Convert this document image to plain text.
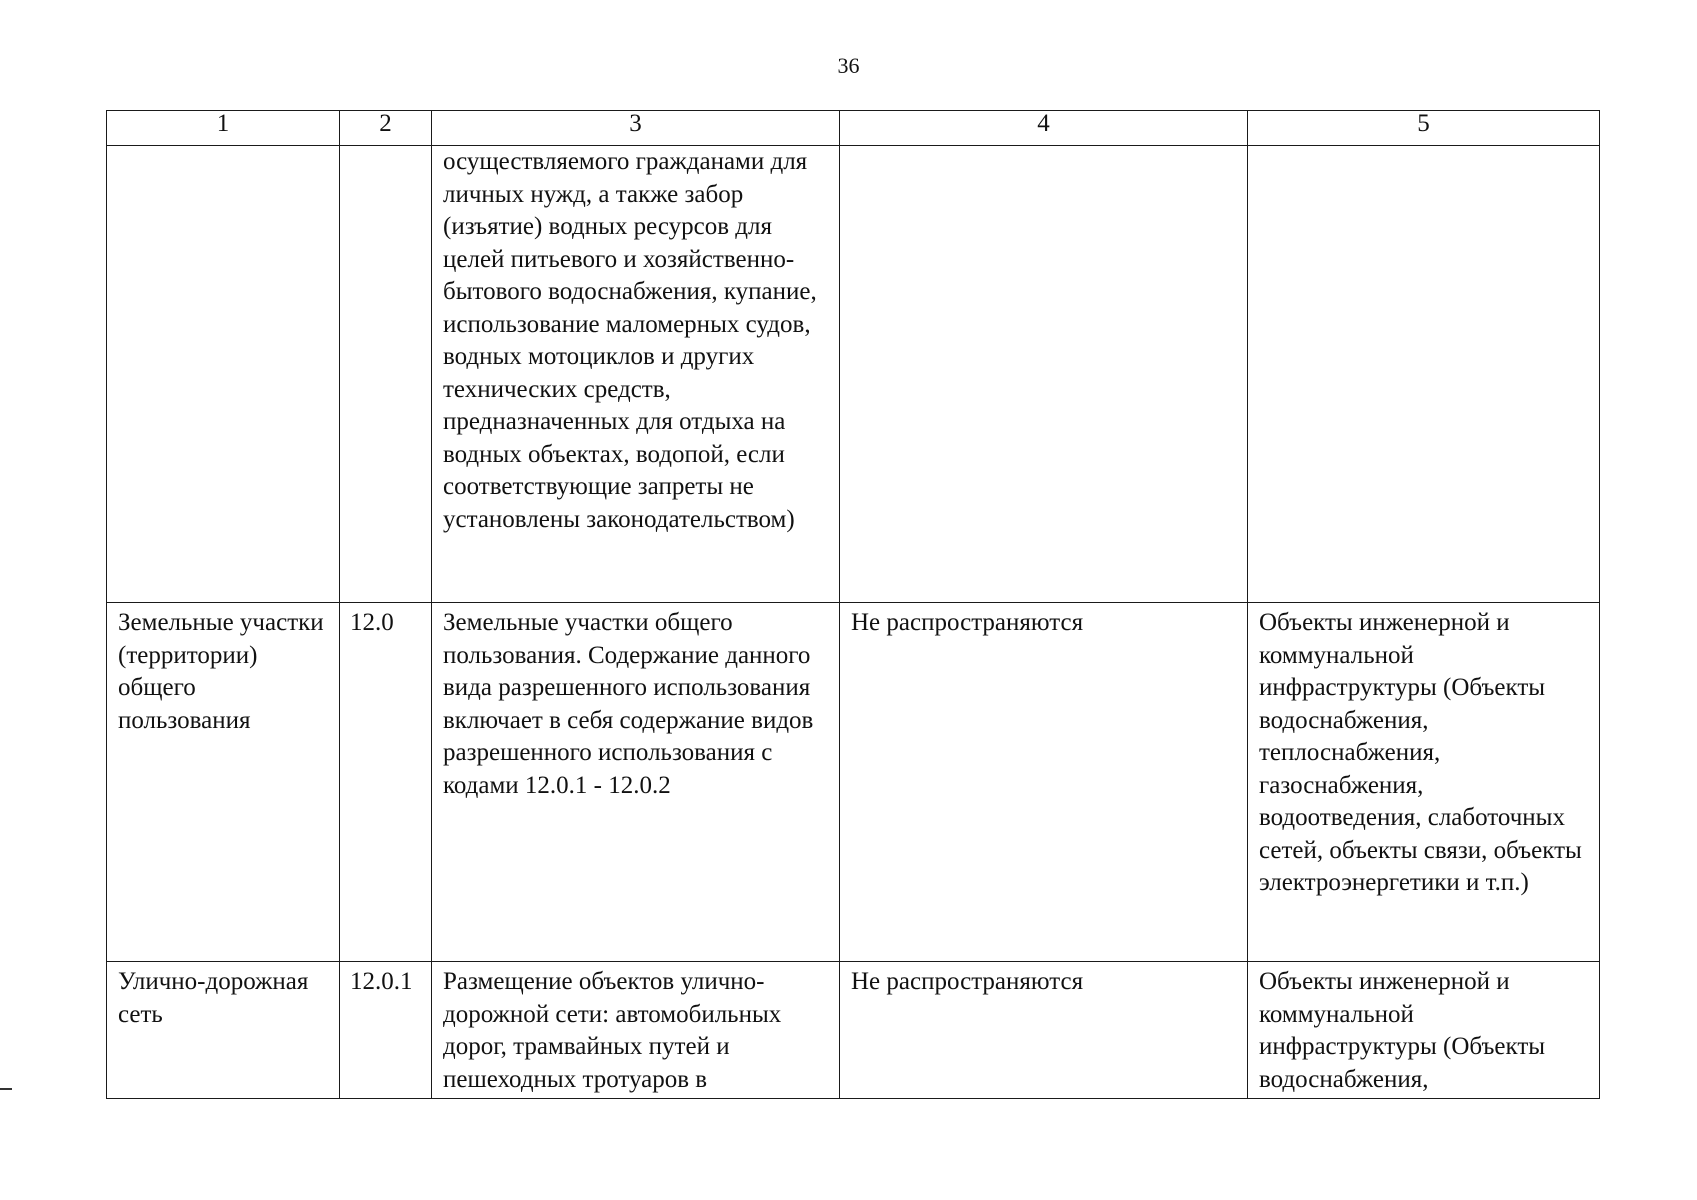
36
1	2	3	4	5

		осуществляемого гражданами для личных нужд, а также забор (изъятие) водных ресурсов для целей питьевого и хозяйственно-бытового водоснабжения, купание, использование маломерных судов, водных мотоциклов и других технических средств, предназначенных для отдыха на водных объектах, водопой, если соответствующие запреты не установлены законодательством)		

Земельные участки (территории) общего пользования	12.0	Земельные участки общего пользования. Содержание данного вида разрешенного использования включает в себя содержание видов разрешенного использования с кодами 12.0.1 - 12.0.2	Не распространяются	Объекты инженерной и коммунальной инфраструктуры (Объекты водоснабжения, теплоснабжения, газоснабжения, водоотведения, слаботочных сетей, объекты связи, объекты электроэнергетики и т.п.)

Улично-дорожная сеть	12.0.1	Размещение объектов улично-дорожной сети: автомобильных дорог, трамвайных путей и пешеходных тротуаров в	Не распространяются	Объекты инженерной и коммунальной инфраструктуры (Объекты водоснабжения,
